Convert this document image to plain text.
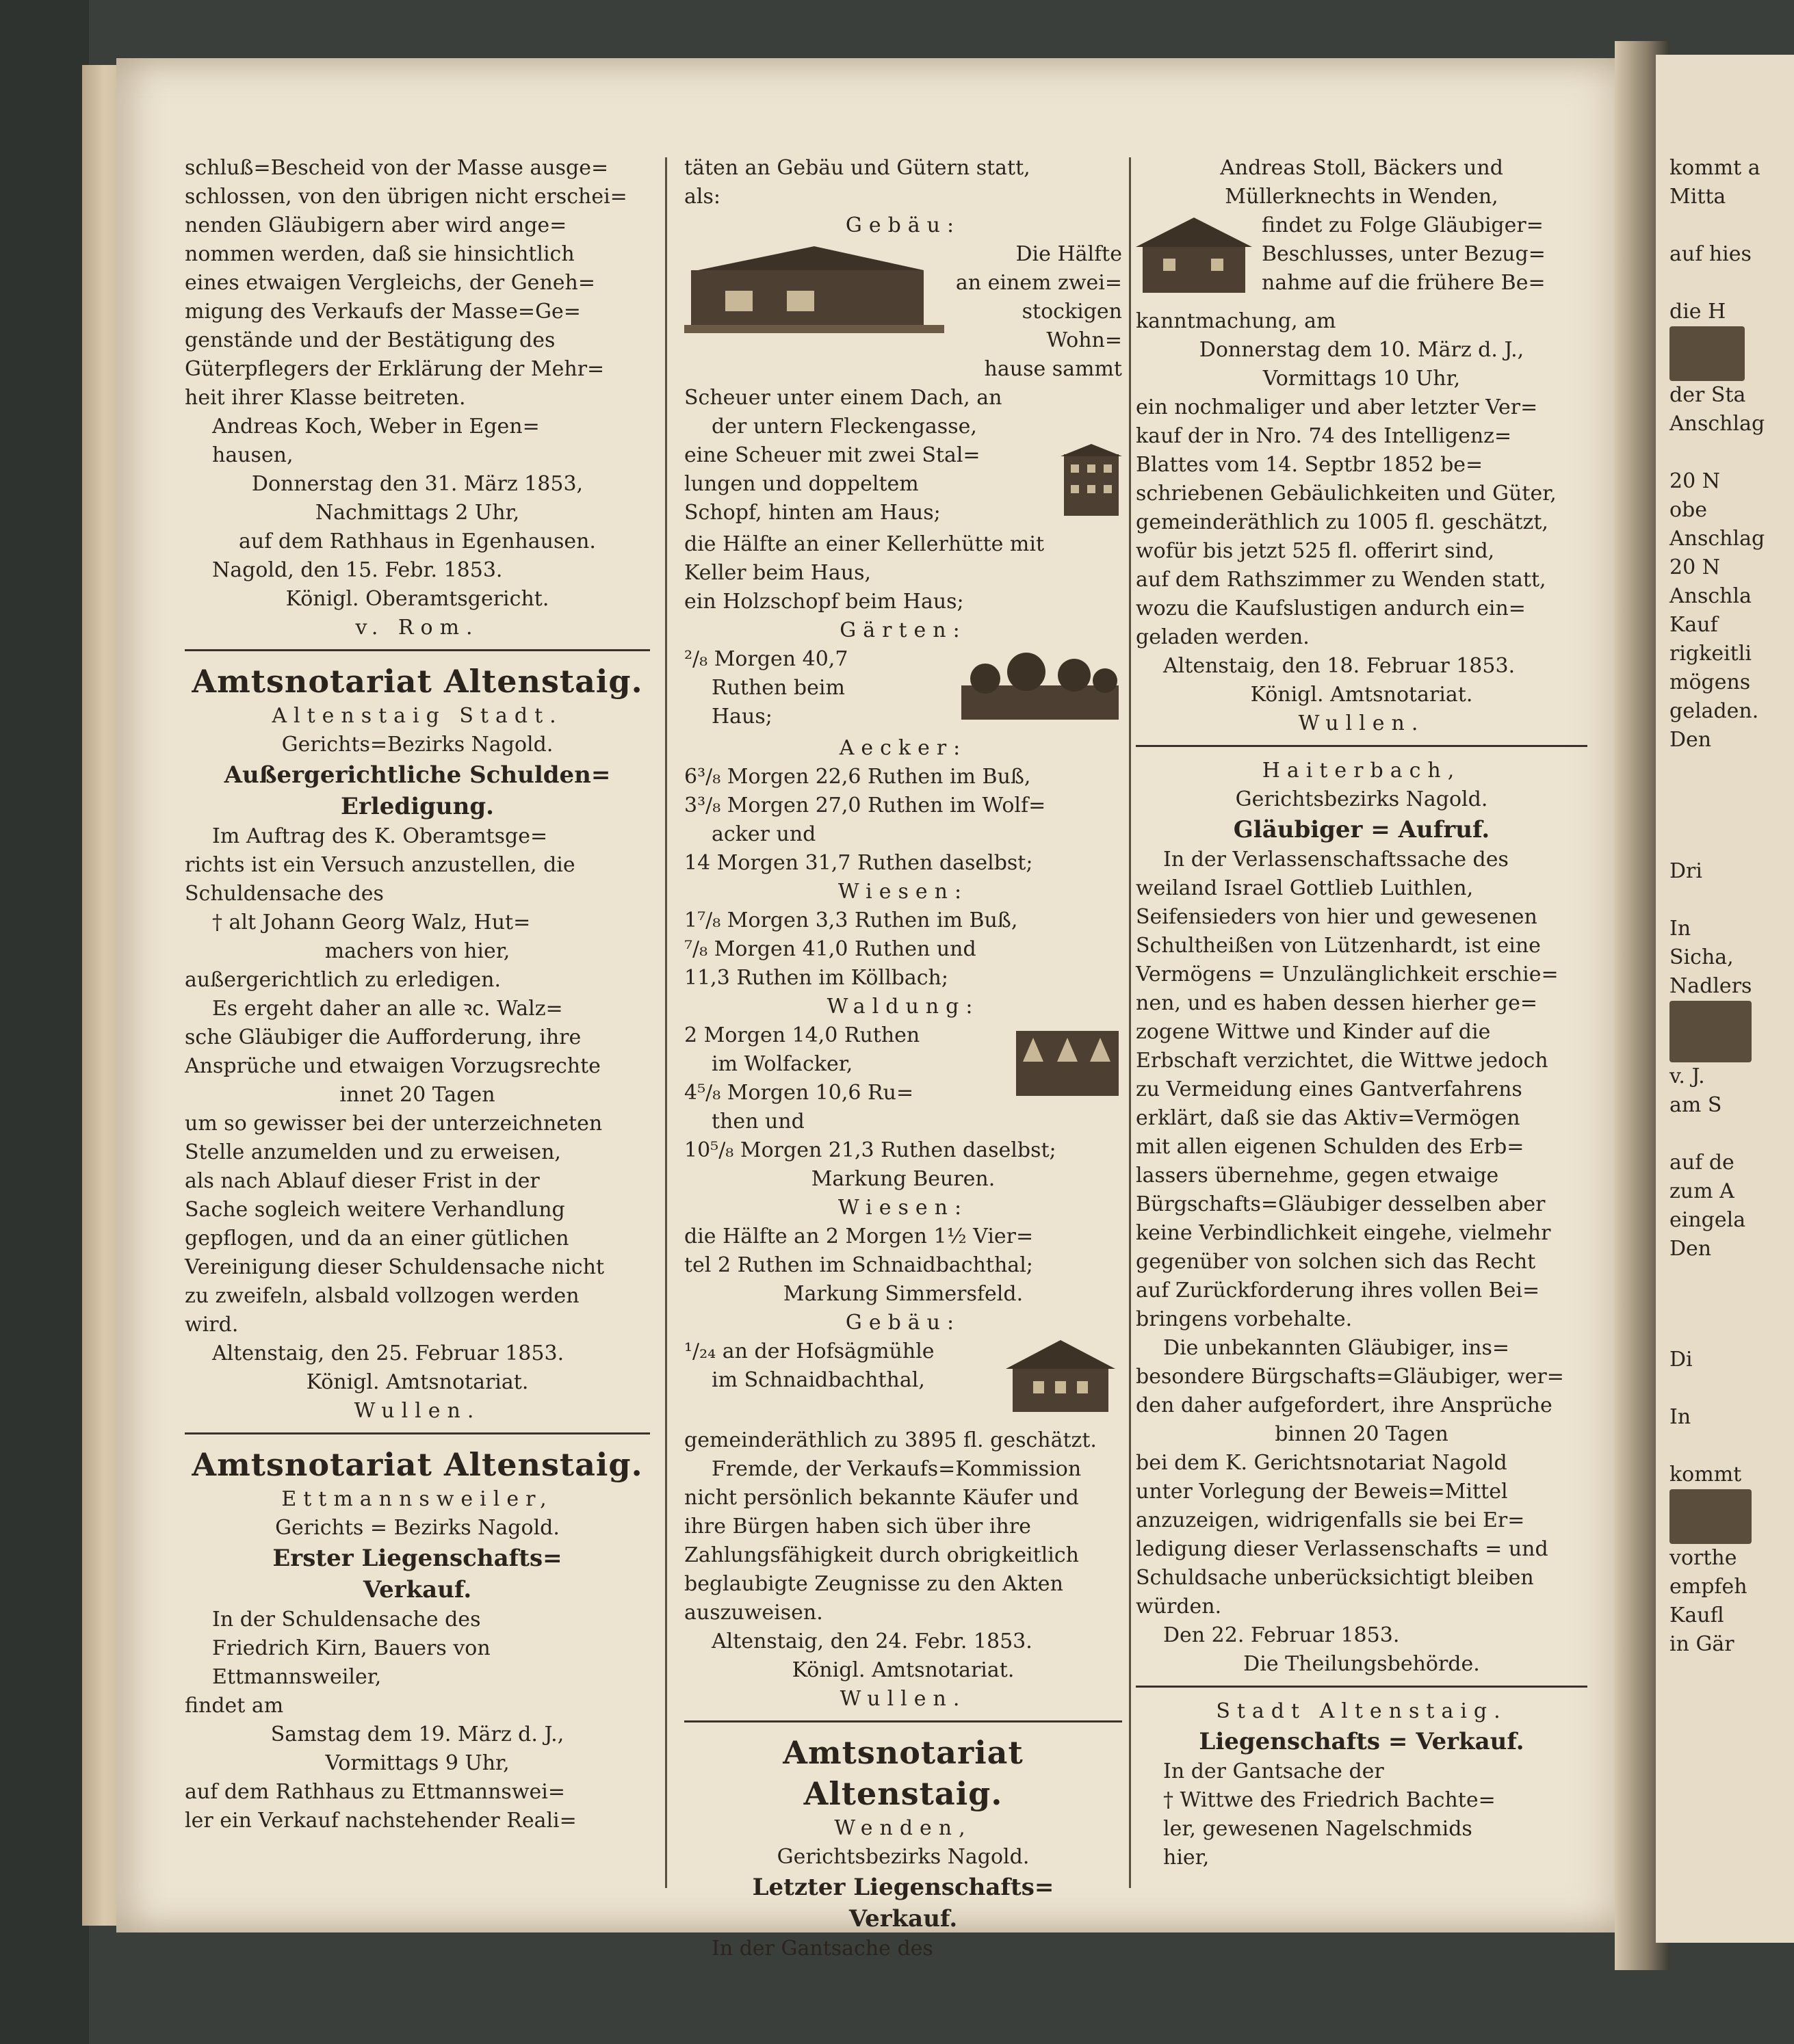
schluß=Bescheid von der Masse ausge=

schlossen, von den übrigen nicht erschei=

nenden Gläubigern aber wird ange=

nommen werden, daß sie hinsichtlich

eines etwaigen Vergleichs, der Geneh=

migung des Verkaufs der Masse=Ge=

genstände und der Bestätigung des

Güterpflegers der Erklärung der Mehr=

heit ihrer Klasse beitreten.

Andreas Koch, Weber in Egen=

hausen,

Donnerstag den 31. März 1853,

Nachmittags 2 Uhr,

auf dem Rathhaus in Egenhausen.

Nagold, den 15. Febr. 1853.

Königl. Oberamtsgericht.

v. Rom.

Amtsnotariat Altenstaig.

Altenstaig Stadt.

Gerichts=Bezirks Nagold.

Außergerichtliche Schulden=
Erledigung.

Im Auftrag des K. Oberamtsge=

richts ist ein Versuch anzustellen, die

Schuldensache des

† alt Johann Georg Walz, Hut=

machers von hier,

außergerichtlich zu erledigen.

Es ergeht daher an alle ꝛc. Walz=

sche Gläubiger die Aufforderung, ihre

Ansprüche und etwaigen Vorzugsrechte

innet 20 Tagen

um so gewisser bei der unterzeichneten

Stelle anzumelden und zu erweisen,

als nach Ablauf dieser Frist in der

Sache sogleich weitere Verhandlung

gepflogen, und da an einer gütlichen

Vereinigung dieser Schuldensache nicht

zu zweifeln, alsbald vollzogen werden

wird.

Altenstaig, den 25. Februar 1853.

Königl. Amtsnotariat.

Wullen.

Amtsnotariat Altenstaig.

Ettmannsweiler,

Gerichts = Bezirks Nagold.

Erster Liegenschafts=
Verkauf.

In der Schuldensache des

Friedrich Kirn, Bauers von

Ettmannsweiler,

findet am

Samstag dem 19. März d. J.,

Vormittags 9 Uhr,

auf dem Rathhaus zu Ettmannswei=

ler ein Verkauf nachstehender Reali=

täten an Gebäu und Gütern statt,

als:

Gebäu:

Die Hälfte

an einem zwei=

stockigen Wohn=

hause sammt

Scheuer unter einem Dach, an

der untern Fleckengasse,

eine Scheuer mit zwei Stal=

lungen und doppeltem

Schopf, hinten am Haus;

die Hälfte an einer Kellerhütte mit

Keller beim Haus,

ein Holzschopf beim Haus;

Gärten:

²/₈ Morgen 40,7

Ruthen beim

Haus;

Aecker:

6³/₈ Morgen 22,6 Ruthen im Buß,

3³/₈ Morgen 27,0 Ruthen im Wolf=

acker und

14 Morgen 31,7 Ruthen daselbst;

Wiesen:

1⁷/₈ Morgen 3,3 Ruthen im Buß,

⁷/₈ Morgen 41,0 Ruthen und

11,3 Ruthen im Köllbach;

Waldung:

2 Morgen 14,0 Ruthen

im Wolfacker,

4⁵/₈ Morgen 10,6 Ru=

then und

10⁵/₈ Morgen 21,3 Ruthen daselbst;

Markung Beuren.

Wiesen:

die Hälfte an 2 Morgen 1½ Vier=

tel 2 Ruthen im Schnaidbachthal;

Markung Simmersfeld.

Gebäu:

¹/₂₄ an der Hofsägmühle

im Schnaidbachthal,

gemeinderäthlich zu 3895 fl. geschätzt.

Fremde, der Verkaufs=Kommission

nicht persönlich bekannte Käufer und

ihre Bürgen haben sich über ihre

Zahlungsfähigkeit durch obrigkeitlich

beglaubigte Zeugnisse zu den Akten

auszuweisen.

Altenstaig, den 24. Febr. 1853.

Königl. Amtsnotariat.

Wullen.

Amtsnotariat Altenstaig.

Wenden,

Gerichtsbezirks Nagold.

Letzter Liegenschafts=
Verkauf.

In der Gantsache des

Andreas Stoll, Bäckers und

Müllerknechts in Wenden,

findet zu Folge Gläubiger=

Beschlusses, unter Bezug=

nahme auf die frühere Be=

kanntmachung, am

Donnerstag dem 10. März d. J.,

Vormittags 10 Uhr,

ein nochmaliger und aber letzter Ver=

kauf der in Nro. 74 des Intelligenz=

Blattes vom 14. Septbr 1852 be=

schriebenen Gebäulichkeiten und Güter,

gemeinderäthlich zu 1005 fl. geschätzt,

wofür bis jetzt 525 fl. offerirt sind,

auf dem Rathszimmer zu Wenden statt,

wozu die Kaufslustigen andurch ein=

geladen werden.

Altenstaig, den 18. Februar 1853.

Königl. Amtsnotariat.

Wullen.

Haiterbach,

Gerichtsbezirks Nagold.

Gläubiger = Aufruf.

In der Verlassenschaftssache des

weiland Israel Gottlieb Luithlen,

Seifensieders von hier und gewesenen

Schultheißen von Lützenhardt, ist eine

Vermögens = Unzulänglichkeit erschie=

nen, und es haben dessen hierher ge=

zogene Wittwe und Kinder auf die

Erbschaft verzichtet, die Wittwe jedoch

zu Vermeidung eines Gantverfahrens

erklärt, daß sie das Aktiv=Vermögen

mit allen eigenen Schulden des Erb=

lassers übernehme, gegen etwaige

Bürgschafts=Gläubiger desselben aber

keine Verbindlichkeit eingehe, vielmehr

gegenüber von solchen sich das Recht

auf Zurückforderung ihres vollen Bei=

bringens vorbehalte.

Die unbekannten Gläubiger, ins=

besondere Bürgschafts=Gläubiger, wer=

den daher aufgefordert, ihre Ansprüche

binnen 20 Tagen

bei dem K. Gerichtsnotariat Nagold

unter Vorlegung der Beweis=Mittel

anzuzeigen, widrigenfalls sie bei Er=

ledigung dieser Verlassenschafts = und

Schuldsache unberücksichtigt bleiben

würden.

Den 22. Februar 1853.

Die Theilungsbehörde.

Stadt Altenstaig.

Liegenschafts = Verkauf.

In der Gantsache der

† Wittwe des Friedrich Bachte=

ler, gewesenen Nagelschmids

hier,

kommt a

Mitta

auf hies

die H

der Sta

Anschlag

20 N

obe

Anschlag

20 N

Anschla

Kauf

rigkeitli

mögens

geladen.

Den

Dri

In

Sicha,

Nadlers

v. J.

am S

auf de

zum A

eingela

Den

Di

In

kommt

vorthe

empfeh

Kaufl

in Gär
